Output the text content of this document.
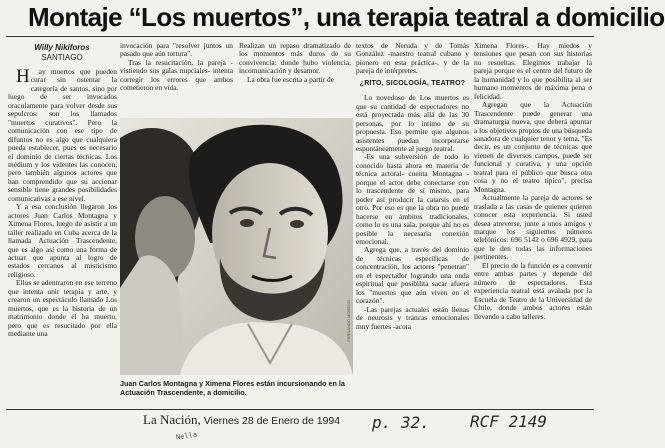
Montaje “Los muertos”, una terapia teatral a domicilio
Willy Nikiforos
SANTIAGO

Hay muertos que pueden curar sin ostentar la categoría de santos, sino por luego de ser invocados oraculamente para volver desde sus sepulcros: son los llamados "muertos curativos". Pero la comunicación con ese tipo de difuntos no es algo que cualquiera pueda establecer, pues es necesario el dominio de ciertas técnicas. Los médium y los videntes las conocen, pero también algunos actores que han comprendido que su accionar sensible tiene grandes posibilidades comunicativas a ese nivel.

Y a esa conclusión llegaron los actores Juan Carlos Montagna y Ximena Flores, luego de asistir a un taller realizado en Cuba acerca de la llamada Actuación Trascendente, que es algo así como una forma de actuar que apunta al logro de estados cercanos al misticismo religioso.

Ellos se adentraron en ese terreno que intenta unir terapia y arte, y crearon un espectáculo llamado Los muertos, que es la historia de un matrimonio donde él ha muerto, pero que es resucitado por ella mediante una

invocación para "resolver juntos un pasado que aún tortura".

Tras la resucitación, la pareja -vistiendo sus galas nupciales- intenta corregir los errores que ambos cometieron en vida.

Realizan un repaso dramatizado de los momentos más duros de su convivencia: donde hubo violencia, incomunicación y desamor.

La obra fue escrita a partir de

textos de Neruda y de Tomás González -maestro teatral cubano y pionero en esta práctica-, y de la pareja de intérpretes.

¿RITO, SICOLOGÍA, TEATRO?

Lo novedoso de Los muertos es que su cantidad de espectadores no está proyectada más allá de las 30 personas, por lo íntimo de su propuesta. Eso permite que algunos asistentes puedan incorporarse espontáneamente al juego teatral.

-Es una subversión de todo lo conocido hasta ahora en materia de técnica actoral- cuenta Montagna -porque el actor debe conectarse con lo trascendente de sí mismo, para poder así producir la catarsis en el otro. Por eso es que la obra no puede hacerse en ámbitos tradicionales, como lo es una sala, porque ahí no es posible la necesaria conexión emocional.

Agrega que, a través del dominio de técnicas específicas de concentración, los actores "penetran" en el espectador logrando una onda espiritual que posibilita sacar afuera los "muertos que aún viven en el corazón".

-Las parejas actuales están llenas de neurosis y trancas emocionales muy fuertes -acota

Ximena Flores-. Hay miedos y tensiones que pesan con sus historias no resueltas. Elegimos trabajar la pareja porque es el centro del futuro de la humanidad y lo que posibilita al ser humano momentos de máxima pena o felicidad.

Agregan que la Actuación Trascendente puede generar una dramaturgia nueva, que deberá apuntar a los objetivos propios de una búsqueda sanadora de cualquier tenor y tema. "Es decir, es un conjunto de técnicas que vienen de diversos campos, puede ser funcional y curativa, y una opción teatral para el público que busca otra cosa y no el teatro típico", precisa Montagna.

Actualmente la pareja de actores se traslada a las casas de quienes quieren conocer esta experiencia. Si usted desea atreverse, junte a unos amigos y marque los siguientes números telefónicos: 696 5142 o 696 4929, para que le den todas las informaciones pertinentes.

El precio de la función es a convenir entre ambas partes y depende del número de espectadores. Esta experiencia teatral está avalada por la Escuela de Teatro de la Universidad de Chile, donde ambos actores están llevando a cabo talleres.

FERNANDO MORENO
Juan Carlos Montagna y Ximena Flores están incursionando en la Actuación Trascendente, a domicilio.
La Nación, Viernes 28 de Enero de 1994
Nella
p. 32.	RCF 2149
